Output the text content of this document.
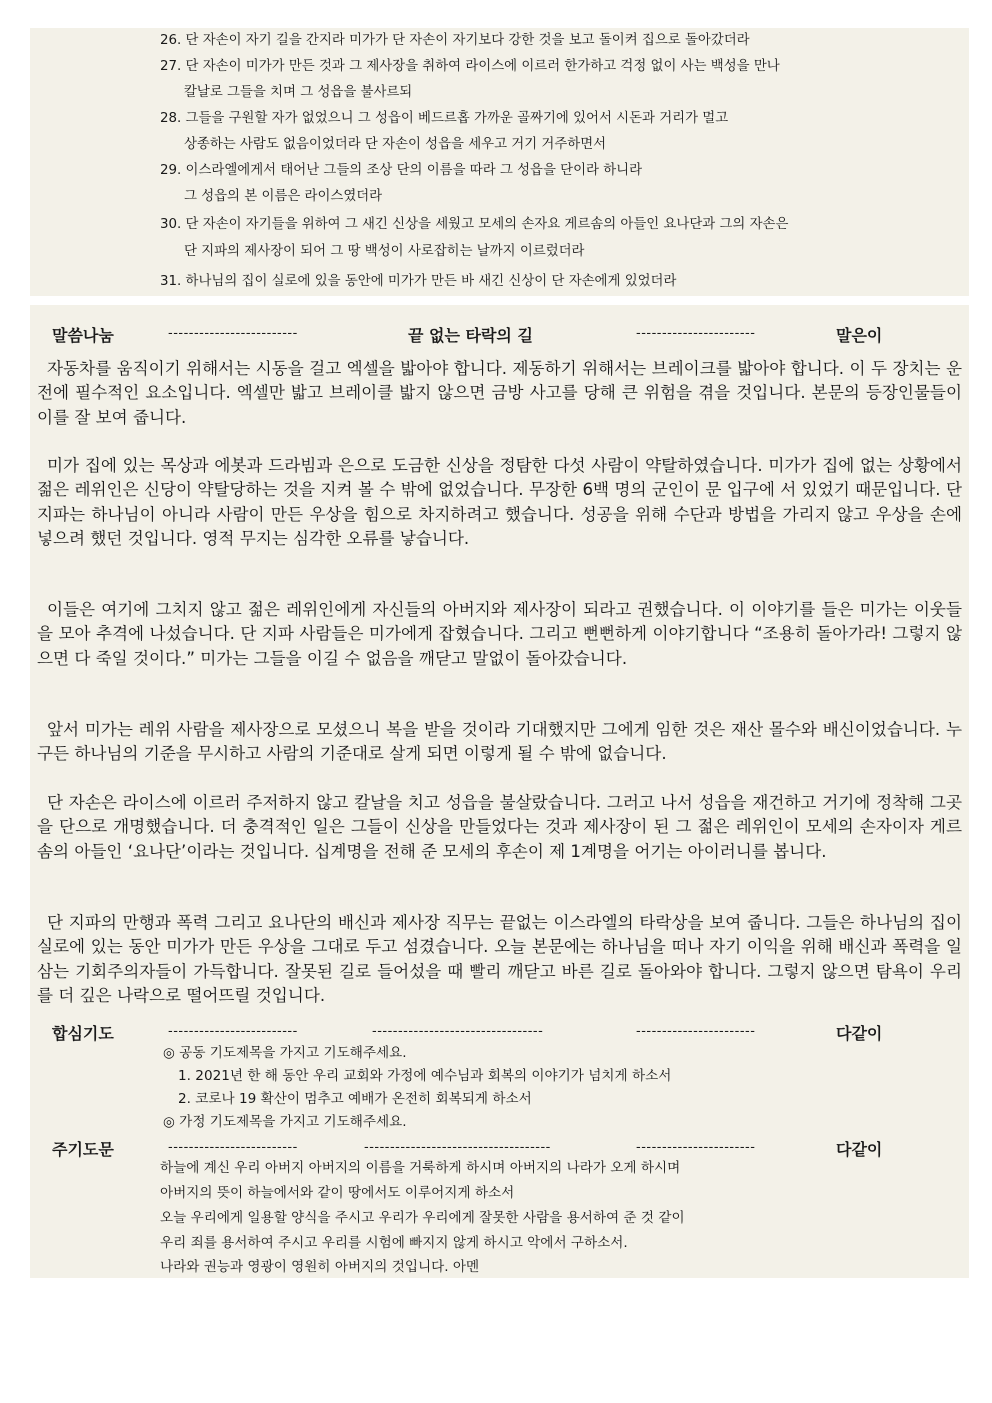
26. 단 자손이 자기 길을 간지라 미가가 단 자손이 자기보다 강한 것을 보고 돌이켜 집으로 돌아갔더라
27. 단 자손이 미가가 만든 것과 그 제사장을 취하여 라이스에 이르러 한가하고 걱정 없이 사는 백성을 만나
칼날로 그들을 치며 그 성읍을 불사르되
28. 그들을 구원할 자가 없었으니 그 성읍이 베드르홉 가까운 골짜기에 있어서 시돈과 거리가 멀고
상종하는 사람도 없음이었더라 단 자손이 성읍을 세우고 거기 거주하면서
29. 이스라엘에게서 태어난 그들의 조상 단의 이름을 따라 그 성읍을 단이라 하니라
그 성읍의 본 이름은 라이스였더라
30. 단 자손이 자기들을 위하여 그 새긴 신상을 세웠고 모세의 손자요 게르솜의 아들인 요나단과 그의 자손은
단 지파의 제사장이 되어 그 땅 백성이 사로잡히는 날까지 이르렀더라
31. 하나님의 집이 실로에 있을 동안에 미가가 만든 바 새긴 신상이 단 자손에게 있었더라
말씀나눔	-------------------------	끝 없는 타락의 길	-----------------------	말은이

자동차를 움직이기 위해서는 시동을 걸고 엑셀을 밟아야 합니다. 제동하기 위해서는 브레이크를 밟아야 합니다. 이 두 장치는 운전에 필수적인 요소입니다. 엑셀만 밟고 브레이클 밟지 않으면 금방 사고를 당해 큰 위험을 겪을 것입니다. 본문의 등장인물들이 이를 잘 보여 줍니다.

미가 집에 있는 목상과 에봇과 드라빔과 은으로 도금한 신상을 정탐한 다섯 사람이 약탈하였습니다. 미가가 집에 없는 상황에서 젊은 레위인은 신당이 약탈당하는 것을 지켜 볼 수 밖에 없었습니다. 무장한 6백 명의 군인이 문 입구에 서 있었기 때문입니다. 단 지파는 하나님이 아니라 사람이 만든 우상을 힘으로 차지하려고 했습니다. 성공을 위해 수단과 방법을 가리지 않고 우상을 손에 넣으려 했던 것입니다. 영적 무지는 심각한 오류를 낳습니다.

이들은 여기에 그치지 않고 젊은 레위인에게 자신들의 아버지와 제사장이 되라고 권했습니다. 이 이야기를 들은 미가는 이웃들을 모아 추격에 나섰습니다. 단 지파 사람들은 미가에게 잡혔습니다. 그리고 뻔뻔하게 이야기합니다 “조용히 돌아가라! 그렇지 않으면 다 죽일 것이다.” 미가는 그들을 이길 수 없음을 깨닫고 말없이 돌아갔습니다.

앞서 미가는 레위 사람을 제사장으로 모셨으니 복을 받을 것이라 기대했지만 그에게 임한 것은 재산 몰수와 배신이었습니다. 누구든 하나님의 기준을 무시하고 사람의 기준대로 살게 되면 이렇게 될 수 밖에 없습니다.

단 자손은 라이스에 이르러 주저하지 않고 칼날을 치고 성읍을 불살랐습니다. 그러고 나서 성읍을 재건하고 거기에 정착해 그곳을 단으로 개명했습니다. 더 충격적인 일은 그들이 신상을 만들었다는 것과 제사장이 된 그 젊은 레위인이 모세의 손자이자 게르솜의 아들인 ‘요나단’이라는 것입니다. 십계명을 전해 준 모세의 후손이 제 1계명을 어기는 아이러니를 봅니다.

단 지파의 만행과 폭력 그리고 요나단의 배신과 제사장 직무는 끝없는 이스라엘의 타락상을 보여 줍니다. 그들은 하나님의 집이 실로에 있는 동안 미가가 만든 우상을 그대로 두고 섬겼습니다. 오늘 본문에는 하나님을 떠나 자기 이익을 위해 배신과 폭력을 일삼는 기회주의자들이 가득합니다. 잘못된 길로 들어섰을 때 빨리 깨닫고 바른 길로 돌아와야 합니다. 그렇지 않으면 탐욕이 우리를 더 깊은 나락으로 떨어뜨릴 것입니다.

합심기도	-------------------------	---------------------------------	-----------------------	다같이
◎ 공동 기도제목을 가지고 기도해주세요.
1. 2021년 한 해 동안 우리 교회와 가정에 예수님과 회복의 이야기가 넘치게 하소서
2. 코로나 19 확산이 멈추고 예배가 온전히 회복되게 하소서
◎ 가정 기도제목을 가지고 기도해주세요.
주기도문	-------------------------	------------------------------------	-----------------------	다같이
하늘에 계신 우리 아버지 아버지의 이름을 거룩하게 하시며 아버지의 나라가 오게 하시며
아버지의 뜻이 하늘에서와 같이 땅에서도 이루어지게 하소서
오늘 우리에게 일용할 양식을 주시고 우리가 우리에게 잘못한 사람을 용서하여 준 것 같이
우리 죄를 용서하여 주시고 우리를 시험에 빠지지 않게 하시고 악에서 구하소서.
나라와 권능과 영광이 영원히 아버지의 것입니다. 아멘
